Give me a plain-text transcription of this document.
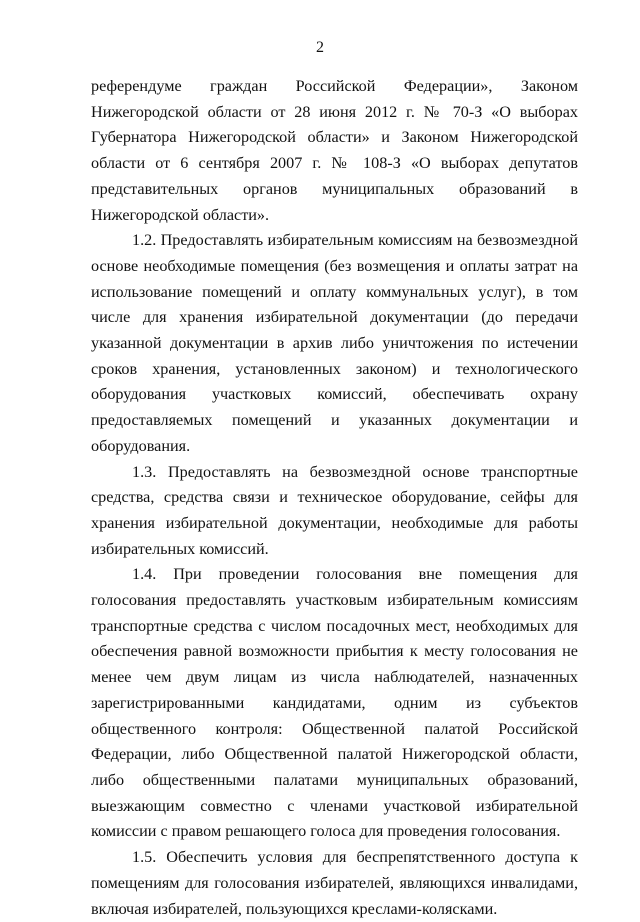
2

референдуме граждан Российской Федерации», Законом Нижегородской области от 28 июня 2012 г. № 70-З «О выборах Губернатора Нижегородской области» и Законом Нижегородской области от 6 сентября 2007 г. № 108-З «О выборах депутатов представительных органов муниципальных образований в Нижегородской области».

1.2. Предоставлять избирательным комиссиям на безвозмездной основе необходимые помещения (без возмещения и оплаты затрат на использование помещений и оплату коммунальных услуг), в том числе для хранения избирательной документации (до передачи указанной документации в архив либо уничтожения по истечении сроков хранения, установленных законом) и технологического оборудования участковых комиссий, обеспечивать охрану предоставляемых помещений и указанных документации и оборудования.

1.3. Предоставлять на безвозмездной основе транспортные средства, средства связи и техническое оборудование, сейфы для хранения избирательной документации, необходимые для работы избирательных комиссий.

1.4. При проведении голосования вне помещения для голосования предоставлять участковым избирательным комиссиям транспортные средства с числом посадочных мест, необходимых для обеспечения равной возможности прибытия к месту голосования не менее чем двум лицам из числа наблюдателей, назначенных зарегистрированными кандидатами, одним из субъектов общественного контроля: Общественной палатой Российской Федерации, либо Общественной палатой Нижегородской области, либо общественными палатами муниципальных образований, выезжающим совместно с членами участковой избирательной комиссии с правом решающего голоса для проведения голосования.

1.5. Обеспечить условия для беспрепятственного доступа к помещениям для голосования избирателей, являющихся инвалидами, включая избирателей, пользующихся креслами-колясками.
